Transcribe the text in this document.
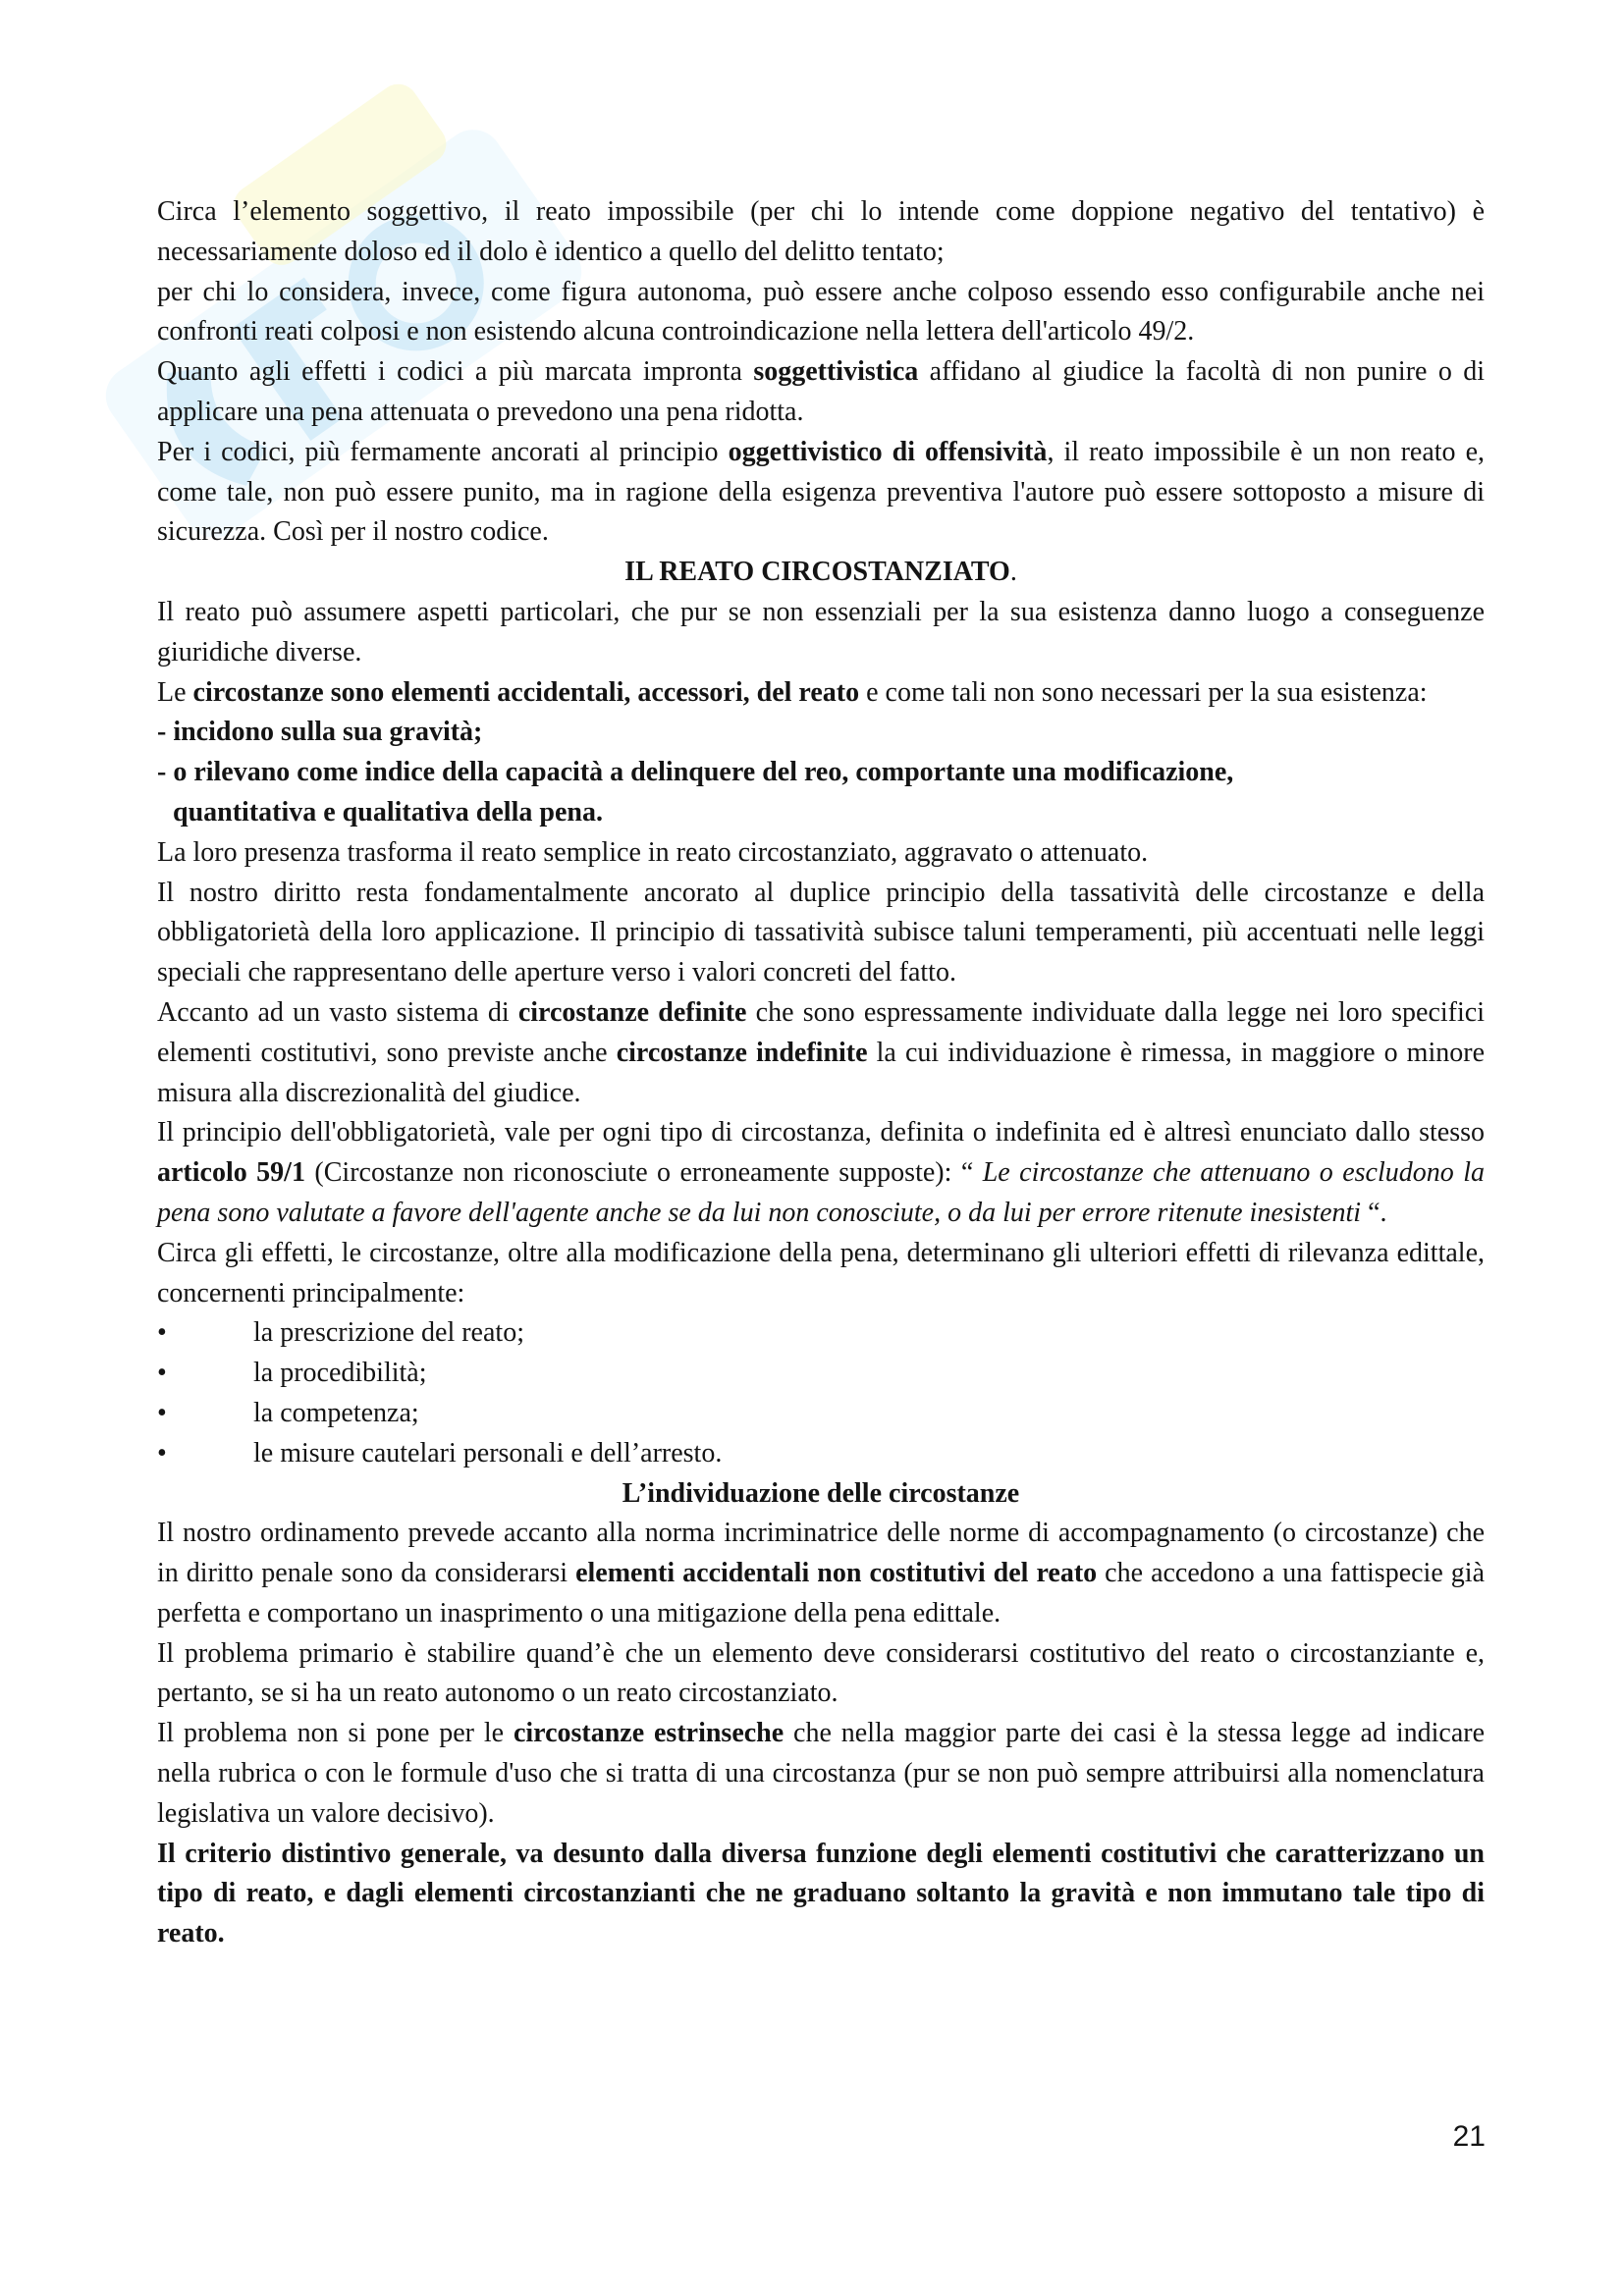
Circa l’elemento soggettivo, il reato impossibile (per chi lo intende come doppione negativo del tentativo) è necessariamente doloso ed il dolo è identico a quello del delitto tentato;

per chi lo considera, invece, come figura autonoma, può essere anche colposo essendo esso configurabile anche nei confronti reati colposi e non esistendo alcuna controindicazione nella lettera dell'articolo 49/2.

Quanto agli effetti i codici a più marcata impronta soggettivistica affidano al giudice la facoltà di non punire o di applicare una pena attenuata o prevedono una pena ridotta.

Per i codici, più fermamente ancorati al principio oggettivistico di offensività, il reato impossibile è un non reato e, come tale, non può essere punito, ma in ragione della esigenza preventiva l'autore può essere sottoposto a misure di sicurezza. Così per il nostro codice.

IL REATO CIRCOSTANZIATO.

Il reato può assumere aspetti particolari, che pur se non essenziali per la sua esistenza danno luogo a conseguenze giuridiche diverse.

Le circostanze sono elementi accidentali, accessori, del reato e come tali non sono necessari per la sua esistenza:

- incidono sulla sua gravità;

- o rilevano come indice della capacità a delinquere del reo, comportante una modificazione,

quantitativa e qualitativa della pena.

La loro presenza trasforma il reato semplice in reato circostanziato, aggravato o attenuato.

Il nostro diritto resta fondamentalmente ancorato al duplice principio della tassatività delle circostanze e della obbligatorietà della loro applicazione. Il principio di tassatività subisce taluni temperamenti, più accentuati nelle leggi speciali che rappresentano delle aperture verso i valori concreti del fatto.

Accanto ad un vasto sistema di circostanze definite che sono espressamente individuate dalla legge nei loro specifici elementi costitutivi, sono previste anche circostanze indefinite la cui individuazione è rimessa, in maggiore o minore misura alla discrezionalità del giudice.

Il principio dell'obbligatorietà, vale per ogni tipo di circostanza, definita o indefinita ed è altresì enunciato dallo stesso articolo 59/1 (Circostanze non riconosciute o erroneamente supposte): “ Le circostanze che attenuano o escludono la pena sono valutate a favore dell'agente anche se da lui non conosciute, o da lui per errore ritenute inesistenti “.

Circa gli effetti, le circostanze, oltre alla modificazione della pena, determinano gli ulteriori effetti di rilevanza edittale, concernenti principalmente:

•	la prescrizione del reato;

•	la procedibilità;

•	la competenza;

•	le misure cautelari personali e dell’arresto.

L’individuazione delle circostanze

Il nostro ordinamento prevede accanto alla norma incriminatrice delle norme di accompagnamento (o circostanze) che in diritto penale sono da considerarsi elementi accidentali non costitutivi del reato che accedono a una fattispecie già perfetta e comportano un inasprimento o una mitigazione della pena edittale.

Il problema primario è stabilire quand’è che un elemento deve considerarsi costitutivo del reato o circostanziante e, pertanto, se si ha un reato autonomo o un reato circostanziato.

Il problema non si pone per le circostanze estrinseche che nella maggior parte dei casi è la stessa legge ad indicare nella rubrica o con le formule d'uso che si tratta di una circostanza (pur se non può sempre attribuirsi alla nomenclatura legislativa un valore decisivo).

Il criterio distintivo generale, va desunto dalla diversa funzione degli elementi costitutivi che caratterizzano un tipo di reato, e dagli elementi circostanzianti che ne graduano soltanto la gravità e non immutano tale tipo di reato.

21
